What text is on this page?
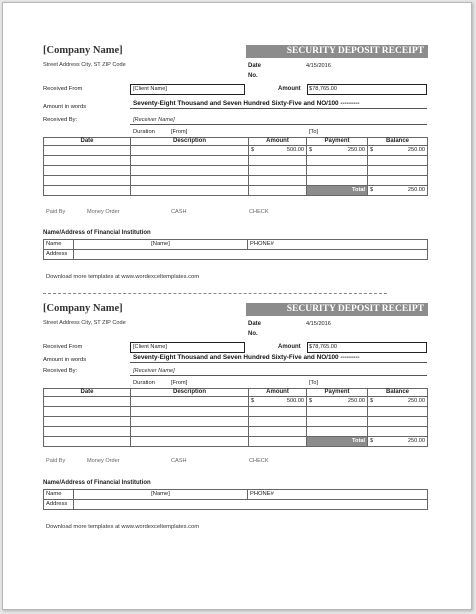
[Company Name]
Street Address City, ST ZIP Code
SECURITY DEPOSIT RECEIPT
Date	4/15/2016
No.
Received From	[Client Name]	Amount $78,765.00
Amount in words	Seventy-Eight Thousand and Seven Hundred Sixty-Five and NO/100 ---------
Received By:	[Receiver Name]
Duration	[From]	[To]
Date	Description	Amount	Payment	Balance

		$ 500.00	$ 250.00	$ 250.00

			Total	$ 250.00
Paid By	Money Order	CASH	CHECK
Name/Address of Financial Institution
Name	[Name]	PHONE#
Address		
Download more templates at www.wordexceltemplates.com
[Company Name]
Street Address City, ST ZIP Code
SECURITY DEPOSIT RECEIPT
Date	4/15/2016
No.
Received From	[Client Name]	Amount $78,765.00
Amount in words	Seventy-Eight Thousand and Seven Hundred Sixty-Five and NO/100 ---------
Received By:	[Receiver Name]
Duration	[From]	[To]
Date	Description	Amount	Payment	Balance

		$ 500.00	$ 250.00	$ 250.00

			Total	$ 250.00
Paid By	Money Order	CASH	CHECK
Name/Address of Financial Institution
Name	[Name]	PHONE#
Address		
Download more templates at www.wordexceltemplates.com
